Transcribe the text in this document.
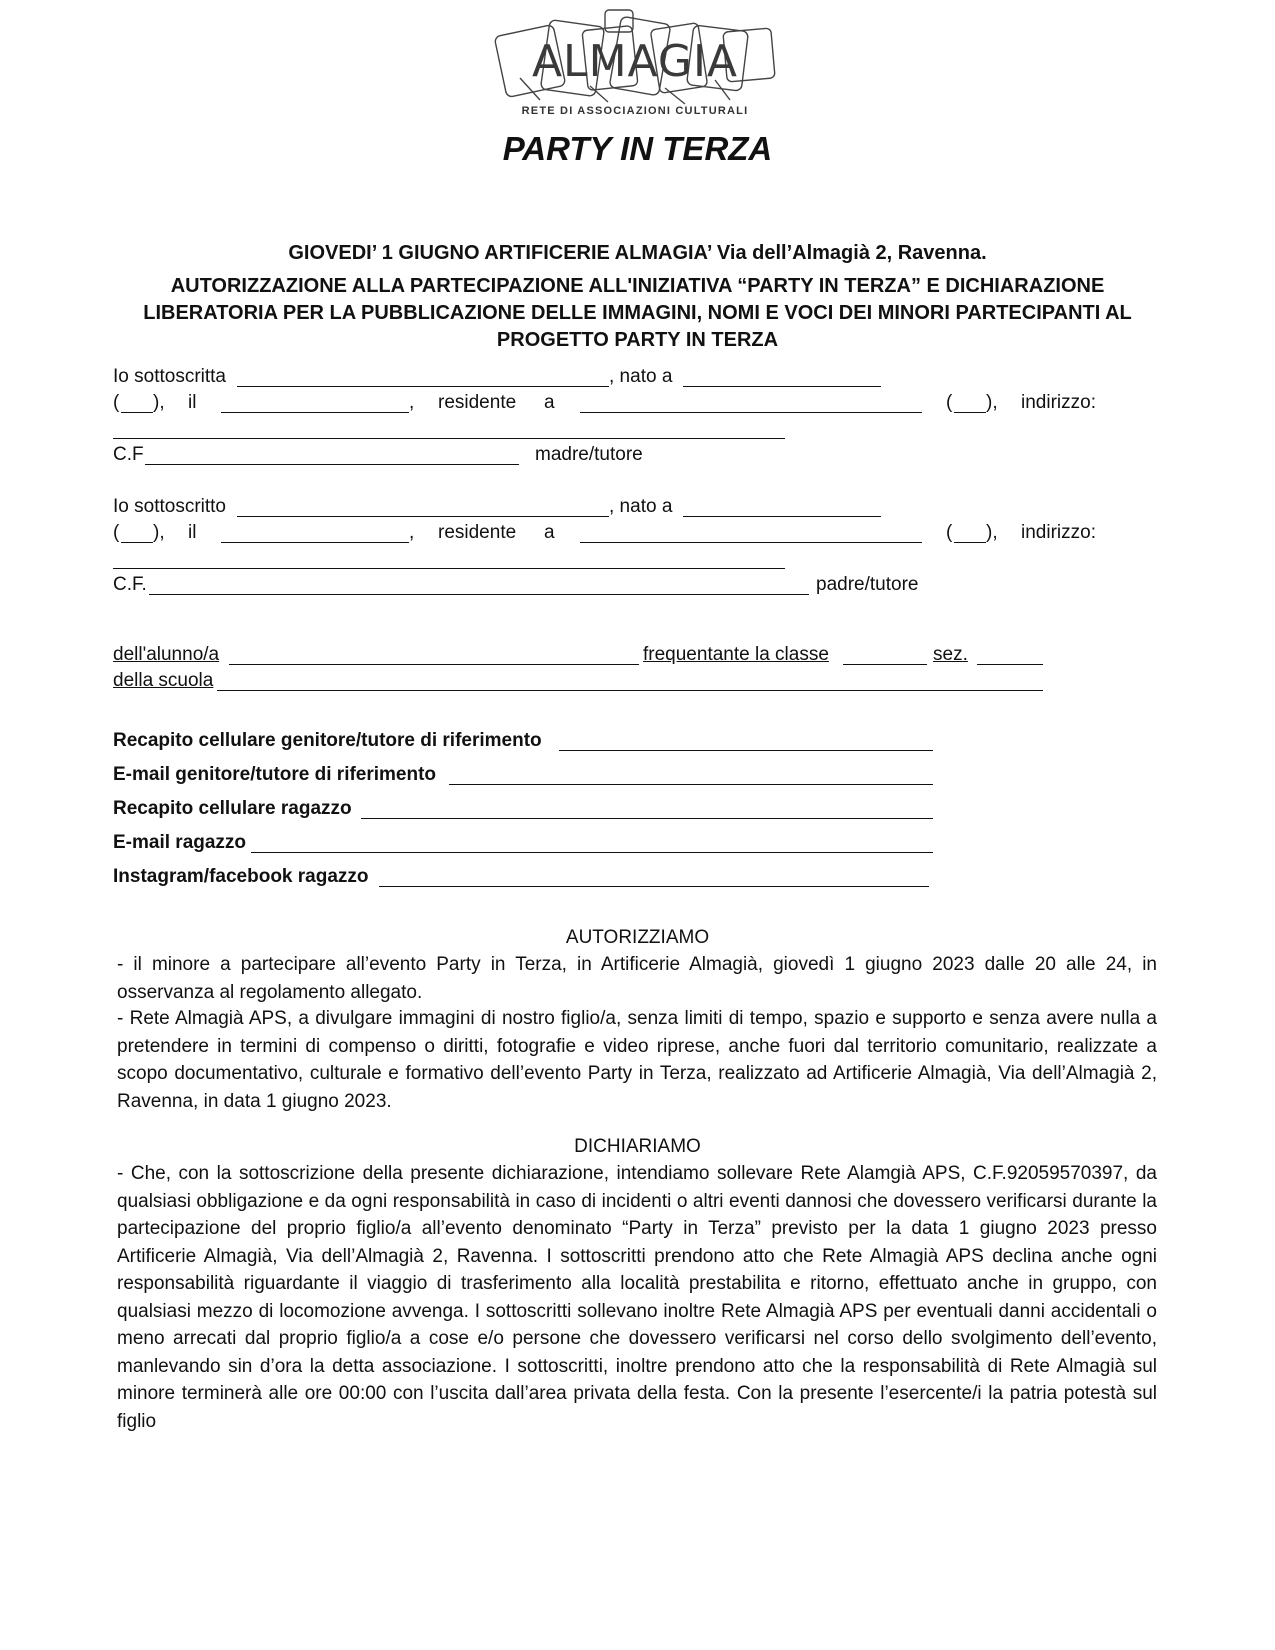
ALMAGIA
RETE DI ASSOCIAZIONI CULTURALI
PARTY IN TERZA
GIOVEDI’ 1 GIUGNO ARTIFICERIE ALMAGIA’ Via dell’Almagià 2, Ravenna.
AUTORIZZAZIONE ALLA PARTECIPAZIONE ALL'INIZIATIVA “PARTY IN TERZA” E DICHIARAZIONE LIBERATORIA PER LA PUBBLICAZIONE DELLE IMMAGINI, NOMI E VOCI DEI MINORI PARTECIPANTI AL PROGETTO PARTY IN TERZA
Io sottoscritta	, nato a
( ), il	, residente a	( ), indirizzo:
C.F	madre/tutore
Io sottoscritto	, nato a
( ), il	, residente a	( ), indirizzo:
C.F.	padre/tutore
dell'alunno/a	frequentante la classe	sez.
della scuola
Recapito cellulare genitore/tutore di riferimento
E-mail genitore/tutore di riferimento
Recapito cellulare ragazzo
E-mail ragazzo
Instagram/facebook ragazzo
AUTORIZZIAMO
- il minore a partecipare all’evento Party in Terza, in Artificerie Almagià, giovedì 1 giugno 2023 dalle 20 alle 24, in osservanza al regolamento allegato.
- Rete Almagià APS, a divulgare immagini di nostro figlio/a, senza limiti di tempo, spazio e supporto e senza avere nulla a pretendere in termini di compenso o diritti, fotografie e video riprese, anche fuori dal territorio comunitario, realizzate a scopo documentativo, culturale e formativo dell’evento Party in Terza, realizzato ad Artificerie Almagià, Via dell’Almagià 2, Ravenna, in data 1 giugno 2023.
DICHIARIAMO
- Che, con la sottoscrizione della presente dichiarazione, intendiamo sollevare Rete Alamgià APS, C.F.92059570397, da qualsiasi obbligazione e da ogni responsabilità in caso di incidenti o altri eventi dannosi che dovessero verificarsi durante la partecipazione del proprio figlio/a all’evento denominato “Party in Terza” previsto per la data 1 giugno 2023 presso Artificerie Almagià, Via dell’Almagià 2, Ravenna. I sottoscritti prendono atto che Rete Almagià APS declina anche ogni responsabilità riguardante il viaggio di trasferimento alla località prestabilita e ritorno, effettuato anche in gruppo, con qualsiasi mezzo di locomozione avvenga. I sottoscritti sollevano inoltre Rete Almagià APS per eventuali danni accidentali o meno arrecati dal proprio figlio/a a cose e/o persone che dovessero verificarsi nel corso dello svolgimento dell’evento, manlevando sin d’ora la detta associazione. I sottoscritti, inoltre prendono atto che la responsabilità di Rete Almagià sul minore terminerà alle ore 00:00 con l’uscita dall’area privata della festa. Con la presente l’esercente/i la patria potestà sul figlio
